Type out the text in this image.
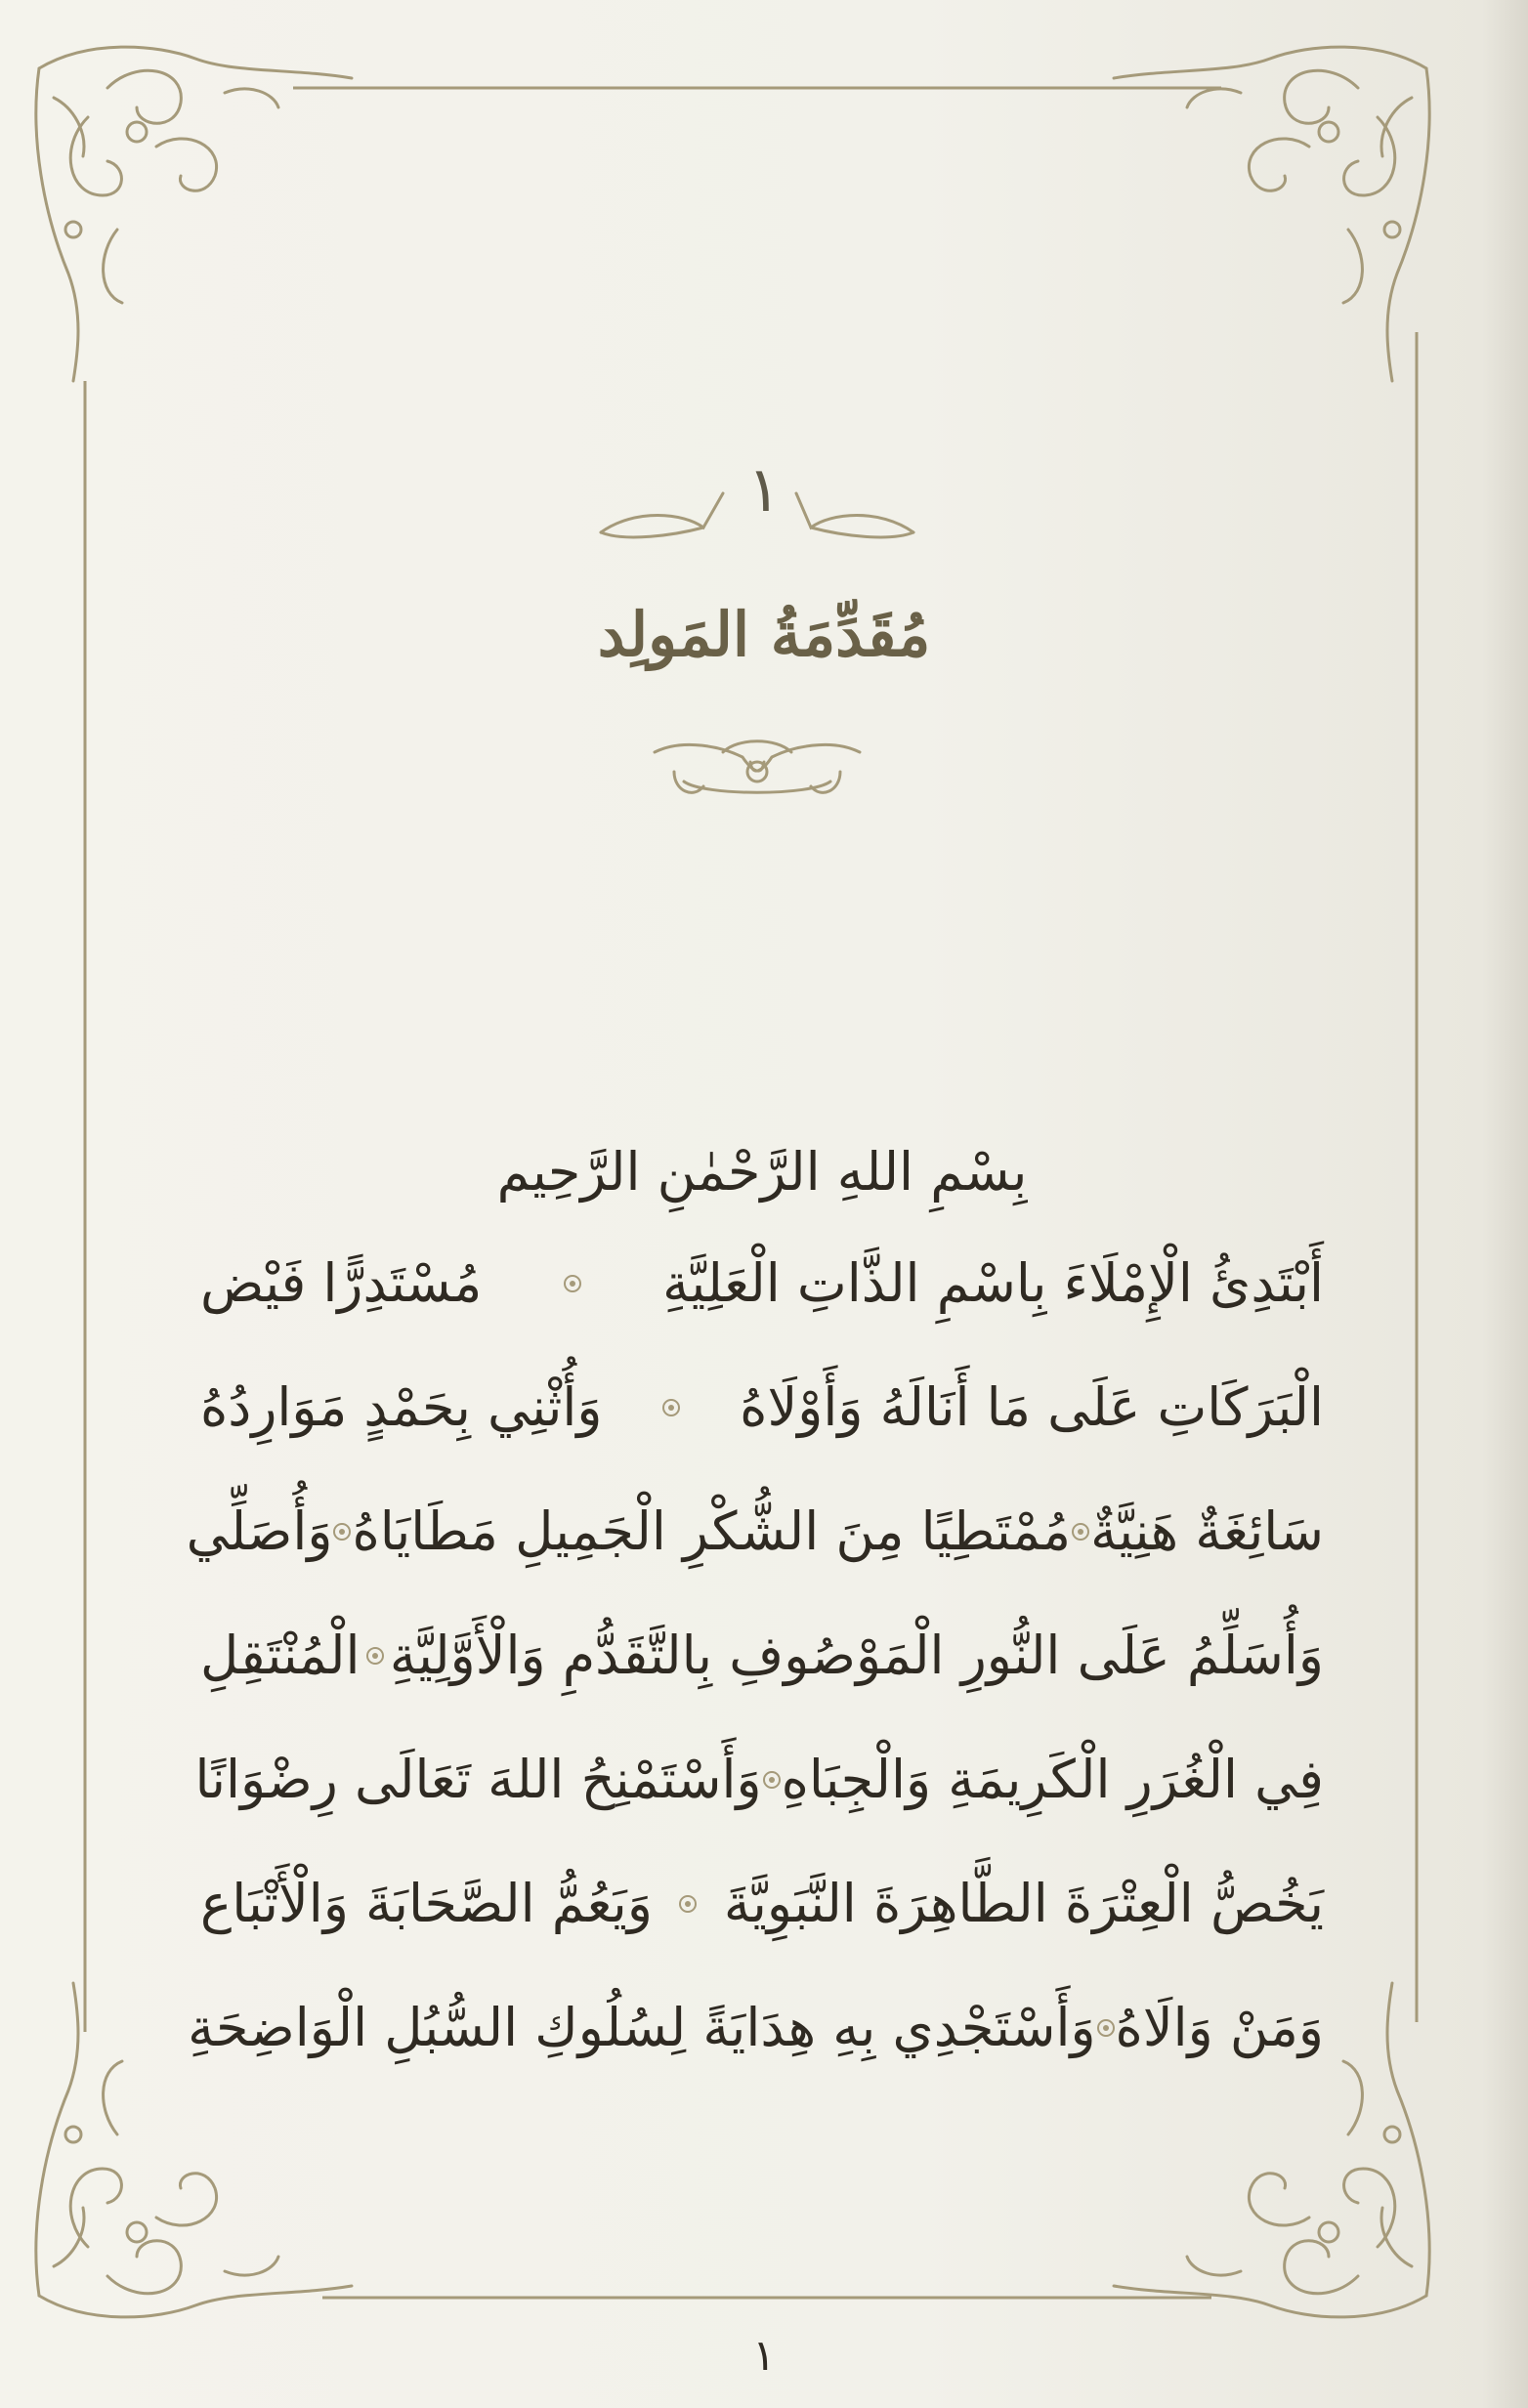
١
مُقَدِّمَةُ المَولِد
بِسْمِ اللهِ الرَّحْمٰنِ الرَّحِيم
أَبْتَدِئُ الْإِمْلَاءَ بِاسْمِ الذَّاتِ الْعَلِيَّةِ
مُسْتَدِرًّا فَيْض
الْبَرَكَاتِ عَلَى مَا أَنَالَهُ وَأَوْلَاهُ
وَأُثْنِي بِحَمْدٍ مَوَارِدُهُ
سَائِغَةٌ هَنِيَّةٌ
مُمْتَطِيًا مِنَ الشُّكْرِ الْجَمِيلِ مَطَايَاهُ
وَأُصَلِّي
وَأُسَلِّمُ عَلَى النُّورِ الْمَوْصُوفِ بِالتَّقَدُّمِ وَالْأَوَّلِيَّةِ
الْمُنْتَقِلِ
فِي الْغُرَرِ الْكَرِيمَةِ وَالْجِبَاهِ
وَأَسْتَمْنِحُ اللهَ تَعَالَى رِضْوَانًا
يَخُصُّ الْعِتْرَةَ الطَّاهِرَةَ النَّبَوِيَّةَ
وَيَعُمُّ الصَّحَابَةَ وَالْأَتْبَاع
وَمَنْ وَالَاهُ
وَأَسْتَجْدِي بِهِ هِدَايَةً لِسُلُوكِ السُّبُلِ الْوَاضِحَةِ
١
